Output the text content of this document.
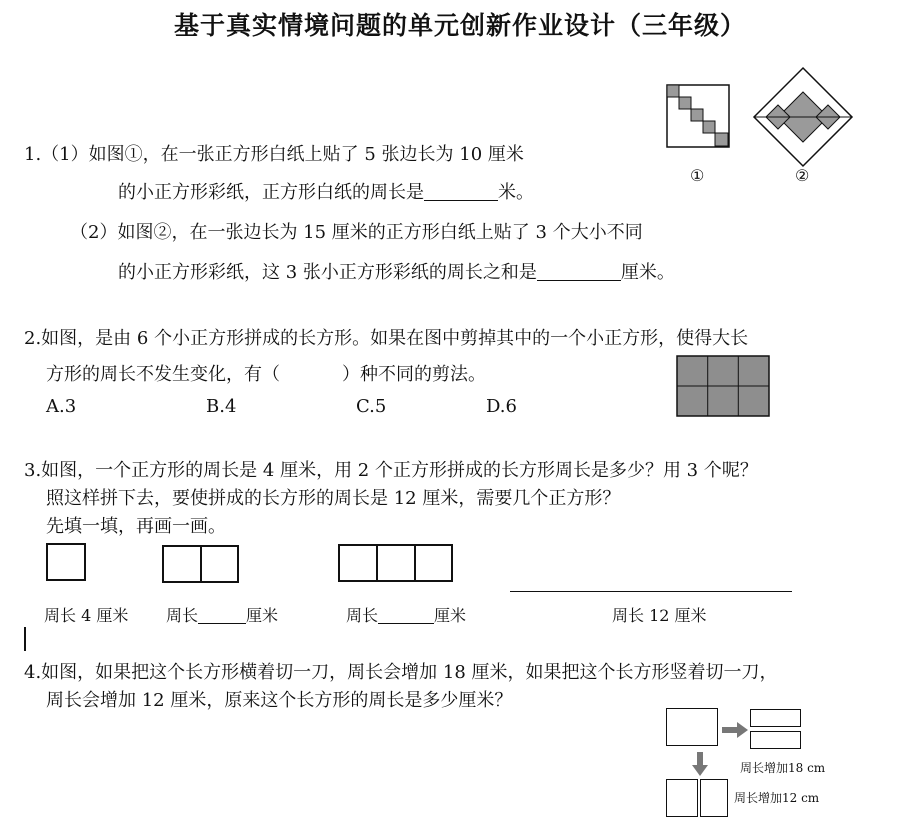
基于真实情境问题的单元创新作业设计（三年级）
1.（1）如图①，在一张正方形白纸上贴了 5 张边长为 10 厘米
的小正方形彩纸，正方形白纸的周长是	米。
（2）如图②，在一张边长为 15 厘米的正方形白纸上贴了 3 个大小不同
的小正方形彩纸，这 3 张小正方形彩纸的周长之和是	厘米。
①	②
2.如图，是由 6 个小正方形拼成的长方形。如果在图中剪掉其中的一个小正方形，使得大长
方形的周长不发生变化，有（	）种不同的剪法。
A.3	B.4	C.5	D.6
3.如图，一个正方形的周长是 4 厘米，用 2 个正方形拼成的长方形周长是多少？用 3 个呢？
照这样拼下去，要使拼成的长方形的周长是 12 厘米，需要几个正方形？
先填一填，再画一画。
周长 4 厘米 周长	厘米	周长	厘米	周长 12 厘米
4.如图，如果把这个长方形横着切一刀，周长会增加 18 厘米，如果把这个长方形竖着切一刀，
周长会增加 12 厘米，原来这个长方形的周长是多少厘米？
周长增加18 cm
周长增加12 cm
